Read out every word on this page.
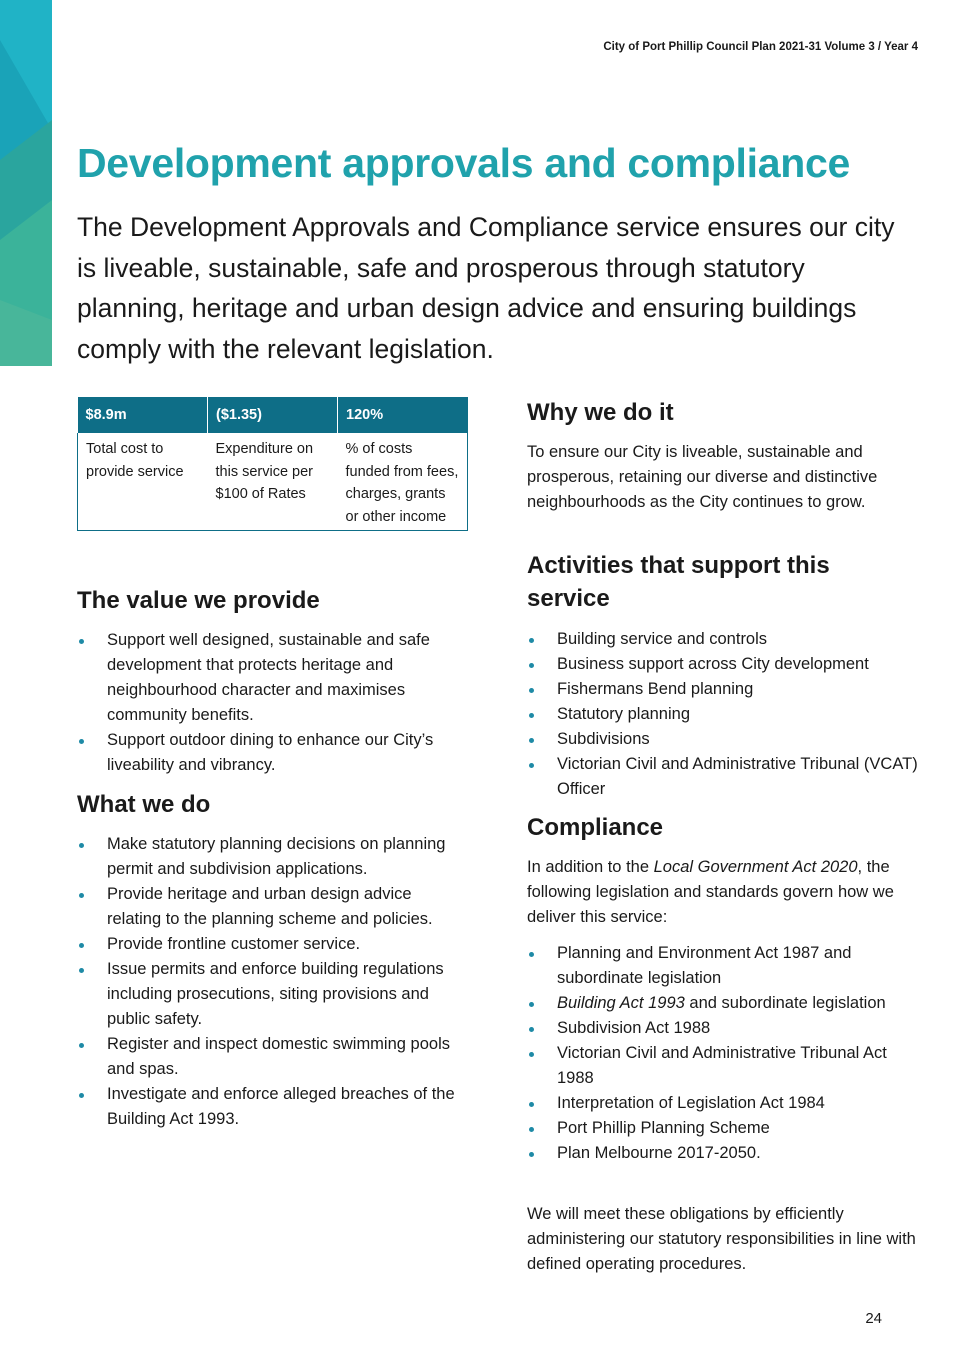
City of Port Phillip Council Plan 2021-31 Volume 3 / Year 4
Development approvals and compliance

The Development Approvals and Compliance service ensures our city is liveable, sustainable, safe and prosperous through statutory planning, heritage and urban design advice and ensuring buildings comply with the relevant legislation.

$8.9m	($1.35)	120%
Total cost to provide service	Expenditure on this service per $100 of Rates	% of costs funded from fees, charges, grants or other income
The value we provide
Support well designed, sustainable and safe development that protects heritage and neighbourhood character and maximises community benefits.
Support outdoor dining to enhance our City’s liveability and vibrancy.
What we do
Make statutory planning decisions on planning permit and subdivision applications.
Provide heritage and urban design advice relating to the planning scheme and policies.
Provide frontline customer service.
Issue permits and enforce building regulations including prosecutions, siting provisions and public safety.
Register and inspect domestic swimming pools and spas.
Investigate and enforce alleged breaches of the Building Act 1993.
Why we do it

To ensure our City is liveable, sustainable and prosperous, retaining our diverse and distinctive neighbourhoods as the City continues to grow.

Activities that support this
service
Building service and controls
Business support across City development
Fishermans Bend planning
Statutory planning
Subdivisions
Victorian Civil and Administrative Tribunal (VCAT) Officer
Compliance

In addition to the Local Government Act 2020, the following legislation and standards govern how we deliver this service:

Planning and Environment Act 1987 and subordinate legislation
Building Act 1993 and subordinate legislation
Subdivision Act 1988
Victorian Civil and Administrative Tribunal Act 1988
Interpretation of Legislation Act 1984
Port Phillip Planning Scheme
Plan Melbourne 2017-2050.

We will meet these obligations by efficiently administering our statutory responsibilities in line with defined operating procedures.

24
